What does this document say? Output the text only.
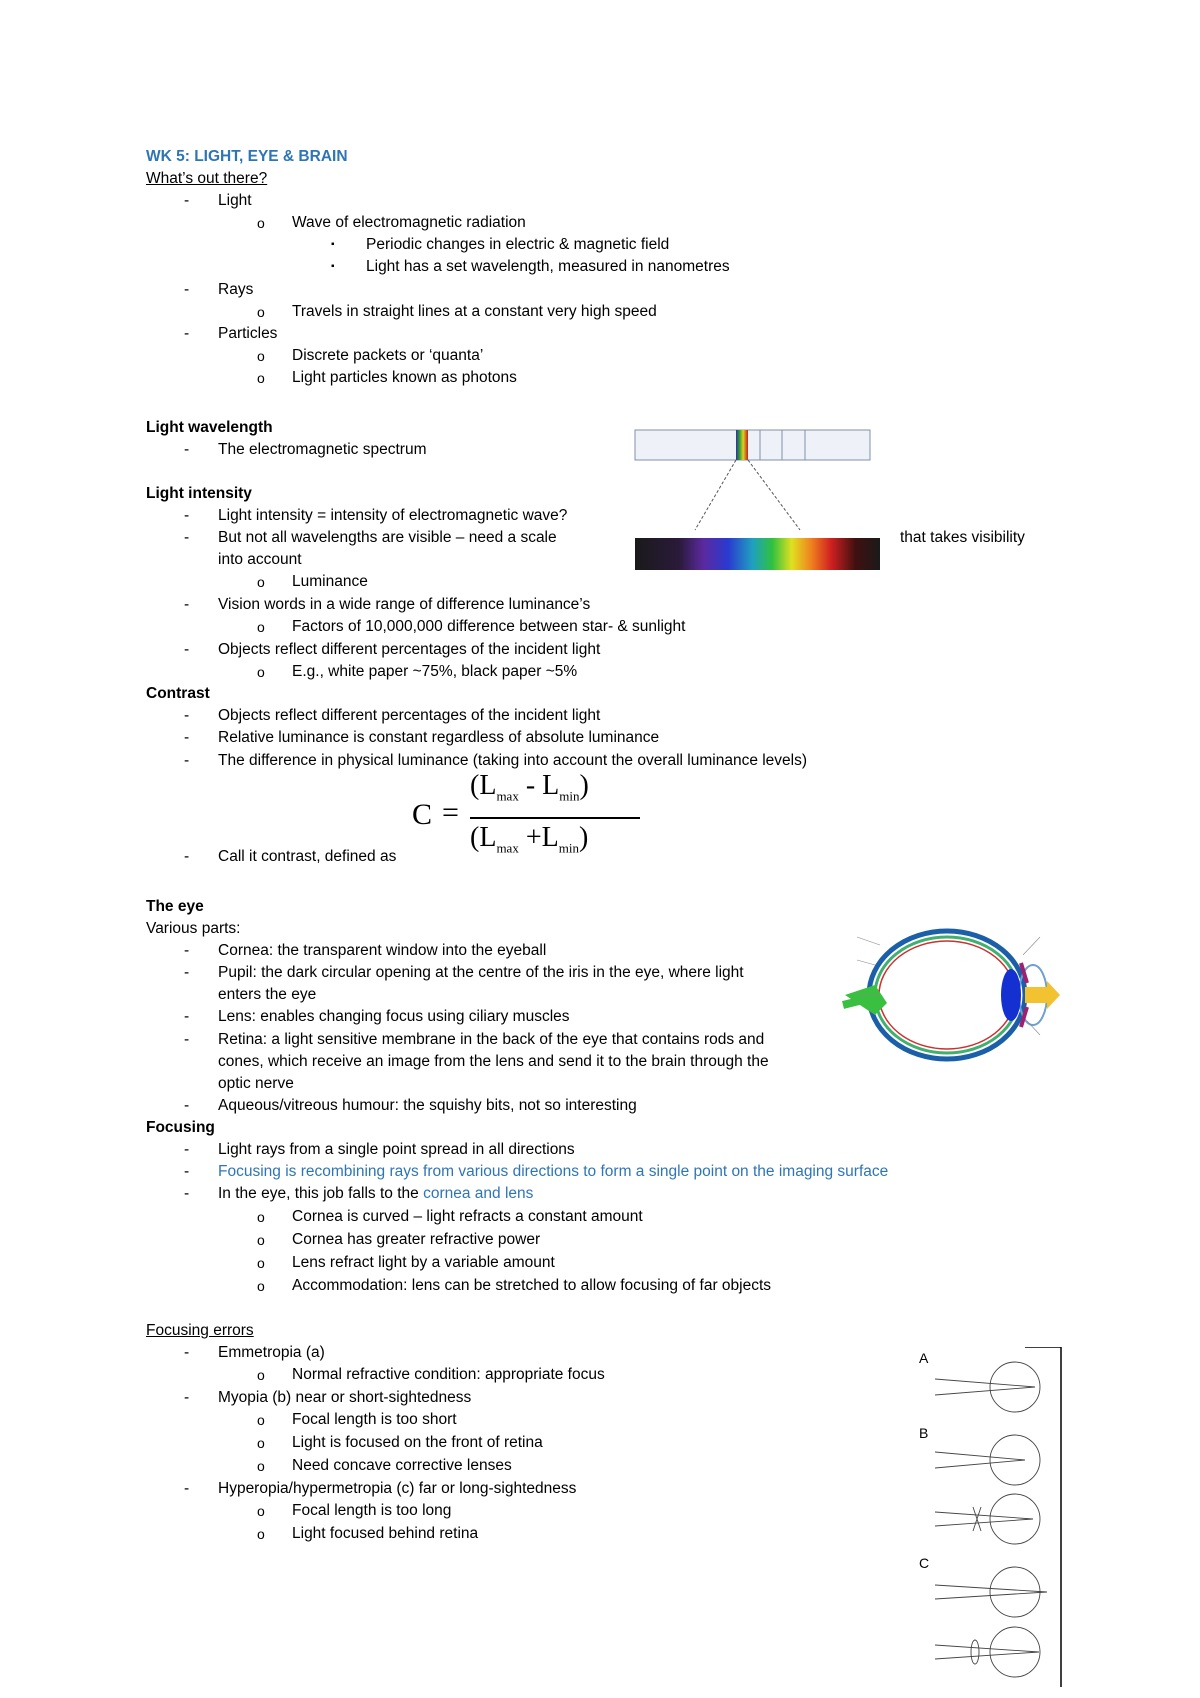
WK 5: LIGHT, EYE & BRAIN
What’s out there?
- Light
o Wave of electromagnetic radiation
▪ Periodic changes in electric & magnetic field
▪ Light has a set wavelength, measured in nanometres
- Rays
o Travels in straight lines at a constant very high speed
- Particles
o Discrete packets or ‘quanta’
o Light particles known as photons
Light wavelength
- The electromagnetic spectrum
Light intensity
- Light intensity = intensity of electromagnetic wave?
- But not all wavelengths are visible – need a scale	that takes visibility
into account
o Luminance
- Vision words in a wide range of difference luminance’s
o Factors of 10,000,000 difference between star- & sunlight
- Objects reflect different percentages of the incident light
o E.g., white paper ~75%, black paper ~5%
Contrast
- Objects reflect different percentages of the incident light
- Relative luminance is constant regardless of absolute luminance
- The difference in physical luminance (taking into account the overall luminance levels)
C =
$(L_{max} - L_{min})$
$(L_{max} +L_{min})$
- Call it contrast, defined as
The eye
Various parts:
- Cornea: the transparent window into the eyeball
- Pupil: the dark circular opening at the centre of the iris in the eye, where light
enters the eye
- Lens: enables changing focus using ciliary muscles
- Retina: a light sensitive membrane in the back of the eye that contains rods and
cones, which receive an image from the lens and send it to the brain through the
optic nerve
- Aqueous/vitreous humour: the squishy bits, not so interesting
Focusing
- Light rays from a single point spread in all directions
- Focusing is recombining rays from various directions to form a single point on the imaging surface
- In the eye, this job falls to the cornea and lens
o Cornea is curved – light refracts a constant amount
o Cornea has greater refractive power
o Lens refract light by a variable amount
o Accommodation: lens can be stretched to allow focusing of far objects
Focusing errors
- Emmetropia (a)
o Normal refractive condition: appropriate focus
- Myopia (b) near or short-sightedness
o Focal length is too short
o Light is focused on the front of retina
o Need concave corrective lenses
- Hyperopia/hypermetropia (c) far or long-sightedness
o Focal length is too long
o Light focused behind retina
A
B
C
